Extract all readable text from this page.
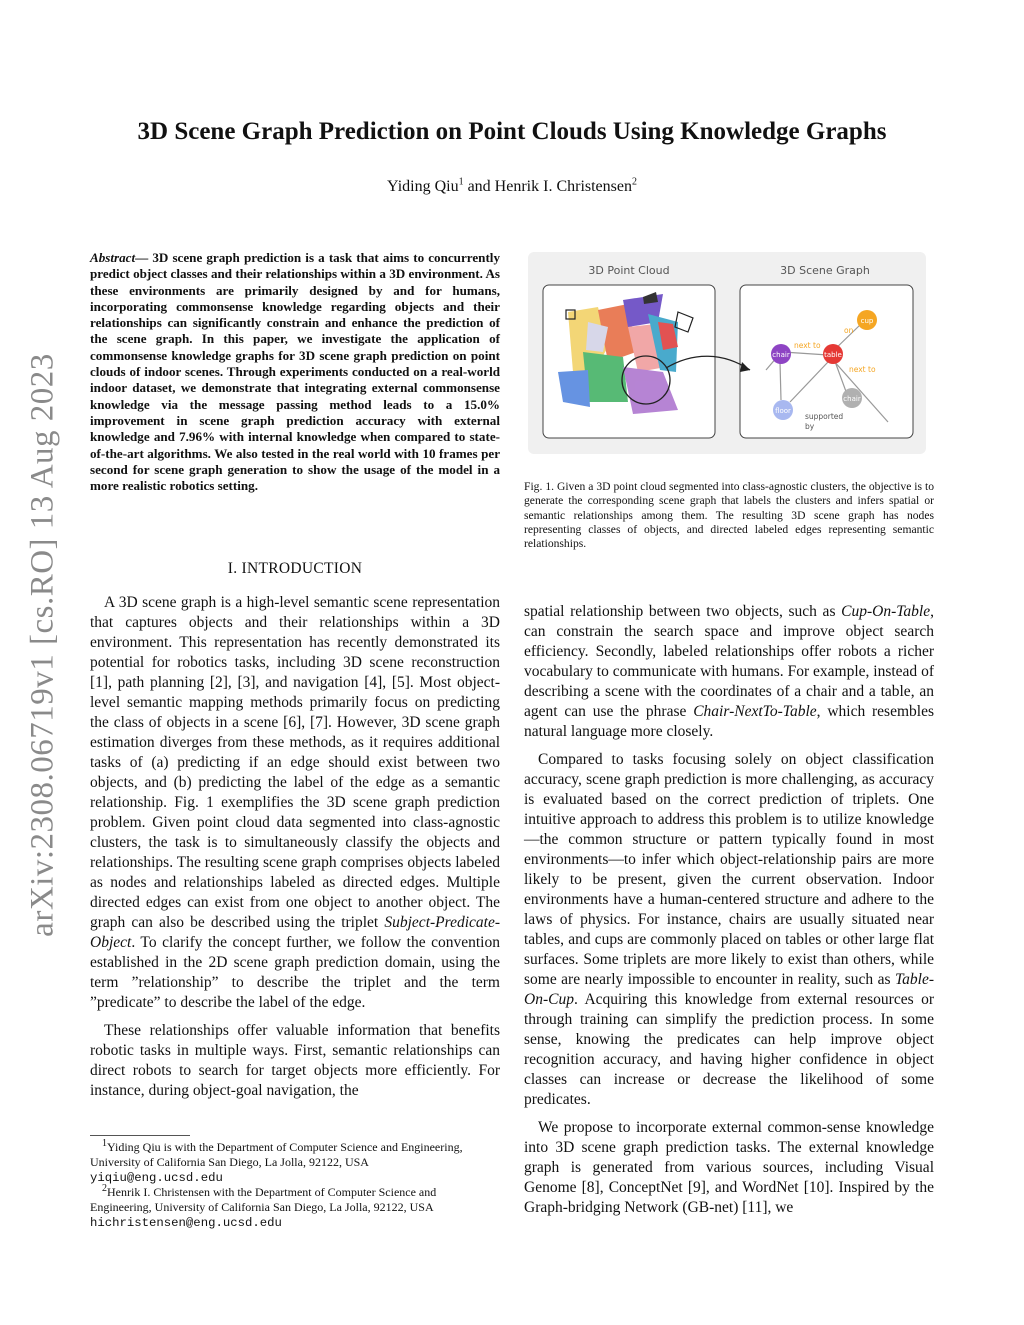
arXiv:2308.06719v1 [cs.RO] 13 Aug 2023
3D Scene Graph Prediction on Point Clouds Using Knowledge Graphs
Yiding Qiu$^1$ and Henrik I. Christensen$^2$
Abstract— 3D scene graph prediction is a task that aims to concurrently predict object classes and their relationships within a 3D environment. As these environments are primarily designed by and for humans, incorporating commonsense knowledge regarding objects and their relationships can significantly constrain and enhance the prediction of the scene graph. In this paper, we investigate the application of commonsense knowledge graphs for 3D scene graph prediction on point clouds of indoor scenes. Through experiments conducted on a real-world indoor dataset, we demonstrate that integrating external commonsense knowledge via the message passing method leads to a 15.0% improvement in scene graph prediction accuracy with external knowledge and 7.96% with internal knowledge when compared to state-of-the-art algorithms. We also tested in the real world with 10 frames per second for scene graph generation to show the usage of the model in a more realistic robotics setting.
I. INTRODUCTION

A 3D scene graph is a high-level semantic scene representation that captures objects and their relationships within a 3D environment. This representation has recently demonstrated its potential for robotics tasks, including 3D scene reconstruction [1], path planning [2], [3], and navigation [4], [5]. Most object-level semantic mapping methods primarily focus on predicting the class of objects in a scene [6], [7]. However, 3D scene graph estimation diverges from these methods, as it requires additional tasks of (a) predicting if an edge should exist between two objects, and (b) predicting the label of the edge as a semantic relationship. Fig. 1 exemplifies the 3D scene graph prediction problem. Given point cloud data segmented into class-agnostic clusters, the task is to simultaneously classify the objects and relationships. The resulting scene graph comprises objects labeled as nodes and relationships labeled as directed edges. Multiple directed edges can exist from one object to another object. The graph can also be described using the triplet Subject-Predicate-Object. To clarify the concept further, we follow the convention established in the 2D scene graph prediction domain, using the term ”relationship” to describe the triplet and the term ”predicate” to describe the label of the edge.

These relationships offer valuable information that benefits robotic tasks in multiple ways. First, semantic relationships can direct robots to search for target objects more efficiently. For instance, during object-goal navigation, the

$^1$Yiding Qiu is with the Department of Computer Science and Engineering, University of California San Diego, La Jolla, 92122, USA
yiqiu@eng.ucsd.edu

$^2$Henrik I. Christensen with the Department of Computer Science and Engineering, University of California San Diego, La Jolla, 92122, USA
hichristensen@eng.ucsd.edu

3D Point Cloud	3D Scene Graph
chair	table
cup
chair
floor
on
next to
next to
supported
by
Fig. 1. Given a 3D point cloud segmented into class-agnostic clusters, the objective is to generate the corresponding scene graph that labels the clusters and infers spatial or semantic relationships among them. The resulting 3D scene graph has nodes representing classes of objects, and directed labeled edges representing semantic relationships.

spatial relationship between two objects, such as Cup-On-Table, can constrain the search space and improve object search efficiency. Secondly, labeled relationships offer robots a richer vocabulary to communicate with humans. For example, instead of describing a scene with the coordinates of a chair and a table, an agent can use the phrase Chair-NextTo-Table, which resembles natural language more closely.

Compared to tasks focusing solely on object classification accuracy, scene graph prediction is more challenging, as accuracy is evaluated based on the correct prediction of triplets. One intuitive approach to address this problem is to utilize knowledge—the common structure or pattern typically found in most environments—to infer which object-relationship pairs are more likely to be present, given the current observation. Indoor environments have a human-centered structure and adhere to the laws of physics. For instance, chairs are usually situated near tables, and cups are commonly placed on tables or other large flat surfaces. Some triplets are more likely to exist than others, while some are nearly impossible to encounter in reality, such as Table-On-Cup. Acquiring this knowledge from external resources or through training can simplify the prediction process. In some sense, knowing the predicates can help improve object recognition accuracy, and having higher confidence in object classes can increase or decrease the likelihood of some predicates.

We propose to incorporate external common-sense knowledge into 3D scene graph prediction tasks. The external knowledge graph is generated from various sources, including Visual Genome [8], ConceptNet [9], and WordNet [10]. Inspired by the Graph-bridging Network (GB-net) [11], we
